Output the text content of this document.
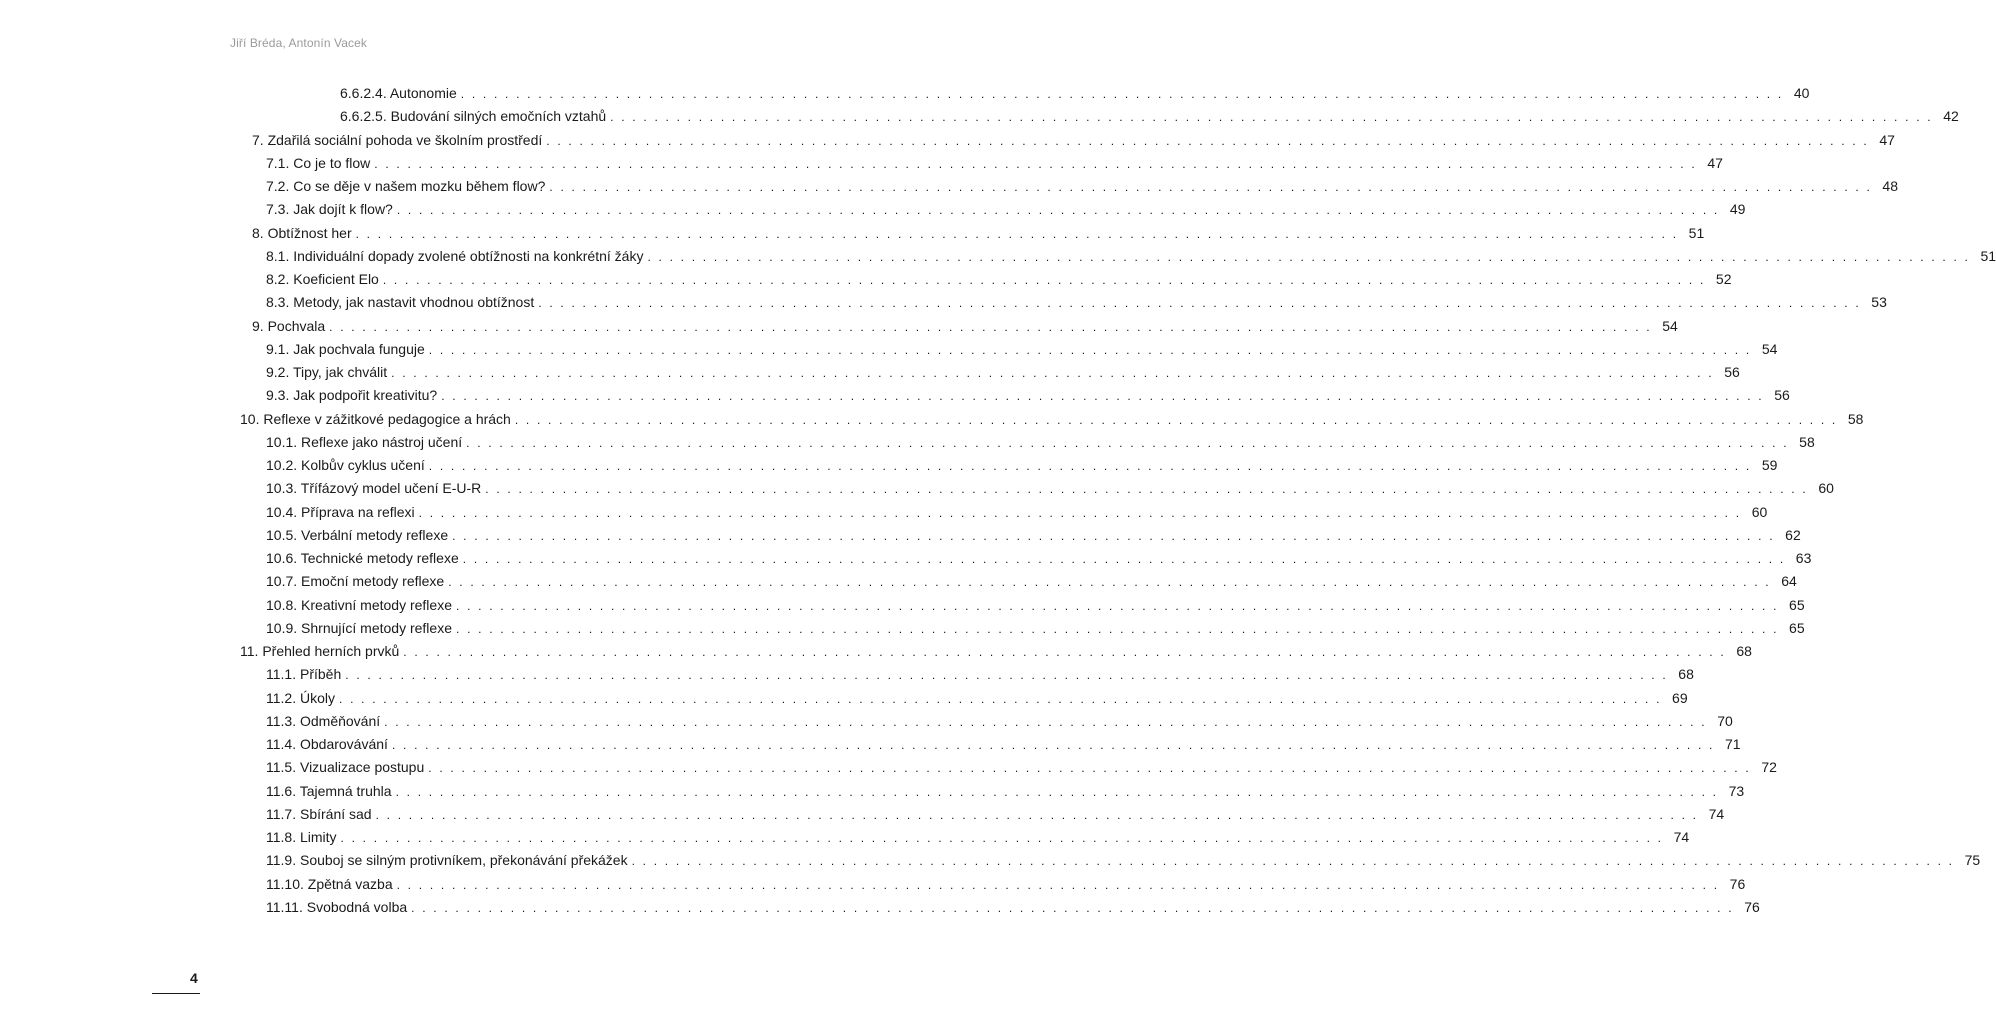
Jiří Bréda, Antonín Vacek
6.6.2.4. Autonomie . . . . . . . . . . . . . . . . . . . . . . . . . . . . . . . . . . . . . . . . . . . . . . . . . . . . . . . . . . . . . . . . . . . . . . . . . . . . . . . . . . . . . . . . . . . . . . . . . . . . . . . . . . . . . . . . . . . . . . . . 40
6.6.2.5. Budování silných emočních vztahů . . . . . . . . . . . . . . . . . . . . . . . . . . . . . . . . . . . . . . . . . . . . . . . . . . . . . . . . . . . . . . . . . . . . . . . . . . . . . . . . . . . . . . . . . . . . . . . . . . . . . . . . . . . . . . . . . . . . . . . . 42
7. Zdařilá sociální pohoda ve školním prostředí . . . . . . . . . . . . . . . . . . . . . . . . . . . . . . . . . . . . . . . . . . . . . . . . . . . . . . . . . . . . . . . . . . . . . . . . . . . . . . . . . . . . . . . . . . . . . . . . . . . . . . . . . . . . . . . . . . . . . . . . 47
7.1. Co je to flow . . . . . . . . . . . . . . . . . . . . . . . . . . . . . . . . . . . . . . . . . . . . . . . . . . . . . . . . . . . . . . . . . . . . . . . . . . . . . . . . . . . . . . . . . . . . . . . . . . . . . . . . . . . . . . . . . . . . . . . . 47
7.2. Co se děje v našem mozku během flow? . . . . . . . . . . . . . . . . . . . . . . . . . . . . . . . . . . . . . . . . . . . . . . . . . . . . . . . . . . . . . . . . . . . . . . . . . . . . . . . . . . . . . . . . . . . . . . . . . . . . . . . . . . . . . . . . . . . . . . . . 48
7.3. Jak dojít k flow? . . . . . . . . . . . . . . . . . . . . . . . . . . . . . . . . . . . . . . . . . . . . . . . . . . . . . . . . . . . . . . . . . . . . . . . . . . . . . . . . . . . . . . . . . . . . . . . . . . . . . . . . . . . . . . . . . . . . . . . . 49
8. Obtížnost her . . . . . . . . . . . . . . . . . . . . . . . . . . . . . . . . . . . . . . . . . . . . . . . . . . . . . . . . . . . . . . . . . . . . . . . . . . . . . . . . . . . . . . . . . . . . . . . . . . . . . . . . . . . . . . . . . . . . . . . . 51
8.1. Individuální dopady zvolené obtížnosti na konkrétní žáky . . . . . . . . . . . . . . . . . . . . . . . . . . . . . . . . . . . . . . . . . . . . . . . . . . . . . . . . . . . . . . . . . . . . . . . . . . . . . . . . . . . . . . . . . . . . . . . . . . . . . . . . . . . . . . . . . . . . . . . . 51
8.2. Koeficient Elo . . . . . . . . . . . . . . . . . . . . . . . . . . . . . . . . . . . . . . . . . . . . . . . . . . . . . . . . . . . . . . . . . . . . . . . . . . . . . . . . . . . . . . . . . . . . . . . . . . . . . . . . . . . . . . . . . . . . . . . . 52
8.3. Metody, jak nastavit vhodnou obtížnost . . . . . . . . . . . . . . . . . . . . . . . . . . . . . . . . . . . . . . . . . . . . . . . . . . . . . . . . . . . . . . . . . . . . . . . . . . . . . . . . . . . . . . . . . . . . . . . . . . . . . . . . . . . . . . . . . . . . . . . . 53
9. Pochvala . . . . . . . . . . . . . . . . . . . . . . . . . . . . . . . . . . . . . . . . . . . . . . . . . . . . . . . . . . . . . . . . . . . . . . . . . . . . . . . . . . . . . . . . . . . . . . . . . . . . . . . . . . . . . . . . . . . . . . . . 54
9.1. Jak pochvala funguje . . . . . . . . . . . . . . . . . . . . . . . . . . . . . . . . . . . . . . . . . . . . . . . . . . . . . . . . . . . . . . . . . . . . . . . . . . . . . . . . . . . . . . . . . . . . . . . . . . . . . . . . . . . . . . . . . . . . . . . . 54
9.2. Tipy, jak chválit . . . . . . . . . . . . . . . . . . . . . . . . . . . . . . . . . . . . . . . . . . . . . . . . . . . . . . . . . . . . . . . . . . . . . . . . . . . . . . . . . . . . . . . . . . . . . . . . . . . . . . . . . . . . . . . . . . . . . . . . 56
9.3. Jak podpořit kreativitu? . . . . . . . . . . . . . . . . . . . . . . . . . . . . . . . . . . . . . . . . . . . . . . . . . . . . . . . . . . . . . . . . . . . . . . . . . . . . . . . . . . . . . . . . . . . . . . . . . . . . . . . . . . . . . . . . . . . . . . . . 56
10. Reflexe v zážitkové pedagogice a hrách . . . . . . . . . . . . . . . . . . . . . . . . . . . . . . . . . . . . . . . . . . . . . . . . . . . . . . . . . . . . . . . . . . . . . . . . . . . . . . . . . . . . . . . . . . . . . . . . . . . . . . . . . . . . . . . . . . . . . . . . 58
10.1. Reflexe jako nástroj učení . . . . . . . . . . . . . . . . . . . . . . . . . . . . . . . . . . . . . . . . . . . . . . . . . . . . . . . . . . . . . . . . . . . . . . . . . . . . . . . . . . . . . . . . . . . . . . . . . . . . . . . . . . . . . . . . . . . . . . . . 58
10.2. Kolbův cyklus učení . . . . . . . . . . . . . . . . . . . . . . . . . . . . . . . . . . . . . . . . . . . . . . . . . . . . . . . . . . . . . . . . . . . . . . . . . . . . . . . . . . . . . . . . . . . . . . . . . . . . . . . . . . . . . . . . . . . . . . . . 59
10.3. Třífázový model učení E-U-R . . . . . . . . . . . . . . . . . . . . . . . . . . . . . . . . . . . . . . . . . . . . . . . . . . . . . . . . . . . . . . . . . . . . . . . . . . . . . . . . . . . . . . . . . . . . . . . . . . . . . . . . . . . . . . . . . . . . . . . . 60
10.4. Příprava na reflexi . . . . . . . . . . . . . . . . . . . . . . . . . . . . . . . . . . . . . . . . . . . . . . . . . . . . . . . . . . . . . . . . . . . . . . . . . . . . . . . . . . . . . . . . . . . . . . . . . . . . . . . . . . . . . . . . . . . . . . . . 60
10.5. Verbální metody reflexe . . . . . . . . . . . . . . . . . . . . . . . . . . . . . . . . . . . . . . . . . . . . . . . . . . . . . . . . . . . . . . . . . . . . . . . . . . . . . . . . . . . . . . . . . . . . . . . . . . . . . . . . . . . . . . . . . . . . . . . . 62
10.6. Technické metody reflexe . . . . . . . . . . . . . . . . . . . . . . . . . . . . . . . . . . . . . . . . . . . . . . . . . . . . . . . . . . . . . . . . . . . . . . . . . . . . . . . . . . . . . . . . . . . . . . . . . . . . . . . . . . . . . . . . . . . . . . . . 63
10.7. Emoční metody reflexe . . . . . . . . . . . . . . . . . . . . . . . . . . . . . . . . . . . . . . . . . . . . . . . . . . . . . . . . . . . . . . . . . . . . . . . . . . . . . . . . . . . . . . . . . . . . . . . . . . . . . . . . . . . . . . . . . . . . . . . . 64
10.8. Kreativní metody reflexe . . . . . . . . . . . . . . . . . . . . . . . . . . . . . . . . . . . . . . . . . . . . . . . . . . . . . . . . . . . . . . . . . . . . . . . . . . . . . . . . . . . . . . . . . . . . . . . . . . . . . . . . . . . . . . . . . . . . . . . . 65
10.9. Shrnující metody reflexe . . . . . . . . . . . . . . . . . . . . . . . . . . . . . . . . . . . . . . . . . . . . . . . . . . . . . . . . . . . . . . . . . . . . . . . . . . . . . . . . . . . . . . . . . . . . . . . . . . . . . . . . . . . . . . . . . . . . . . . . 65
11. Přehled herních prvků . . . . . . . . . . . . . . . . . . . . . . . . . . . . . . . . . . . . . . . . . . . . . . . . . . . . . . . . . . . . . . . . . . . . . . . . . . . . . . . . . . . . . . . . . . . . . . . . . . . . . . . . . . . . . . . . . . . . . . . . 68
11.1. Příběh . . . . . . . . . . . . . . . . . . . . . . . . . . . . . . . . . . . . . . . . . . . . . . . . . . . . . . . . . . . . . . . . . . . . . . . . . . . . . . . . . . . . . . . . . . . . . . . . . . . . . . . . . . . . . . . . . . . . . . . . 68
11.2. Úkoly . . . . . . . . . . . . . . . . . . . . . . . . . . . . . . . . . . . . . . . . . . . . . . . . . . . . . . . . . . . . . . . . . . . . . . . . . . . . . . . . . . . . . . . . . . . . . . . . . . . . . . . . . . . . . . . . . . . . . . . . 69
11.3. Odměňování . . . . . . . . . . . . . . . . . . . . . . . . . . . . . . . . . . . . . . . . . . . . . . . . . . . . . . . . . . . . . . . . . . . . . . . . . . . . . . . . . . . . . . . . . . . . . . . . . . . . . . . . . . . . . . . . . . . . . . . . 70
11.4. Obdarovávání . . . . . . . . . . . . . . . . . . . . . . . . . . . . . . . . . . . . . . . . . . . . . . . . . . . . . . . . . . . . . . . . . . . . . . . . . . . . . . . . . . . . . . . . . . . . . . . . . . . . . . . . . . . . . . . . . . . . . . . . 71
11.5. Vizualizace postupu . . . . . . . . . . . . . . . . . . . . . . . . . . . . . . . . . . . . . . . . . . . . . . . . . . . . . . . . . . . . . . . . . . . . . . . . . . . . . . . . . . . . . . . . . . . . . . . . . . . . . . . . . . . . . . . . . . . . . . . . 72
11.6. Tajemná truhla . . . . . . . . . . . . . . . . . . . . . . . . . . . . . . . . . . . . . . . . . . . . . . . . . . . . . . . . . . . . . . . . . . . . . . . . . . . . . . . . . . . . . . . . . . . . . . . . . . . . . . . . . . . . . . . . . . . . . . . . 73
11.7. Sbírání sad . . . . . . . . . . . . . . . . . . . . . . . . . . . . . . . . . . . . . . . . . . . . . . . . . . . . . . . . . . . . . . . . . . . . . . . . . . . . . . . . . . . . . . . . . . . . . . . . . . . . . . . . . . . . . . . . . . . . . . . . 74
11.8. Limity . . . . . . . . . . . . . . . . . . . . . . . . . . . . . . . . . . . . . . . . . . . . . . . . . . . . . . . . . . . . . . . . . . . . . . . . . . . . . . . . . . . . . . . . . . . . . . . . . . . . . . . . . . . . . . . . . . . . . . . . 74
11.9. Souboj se silným protivníkem, překonávání překážek . . . . . . . . . . . . . . . . . . . . . . . . . . . . . . . . . . . . . . . . . . . . . . . . . . . . . . . . . . . . . . . . . . . . . . . . . . . . . . . . . . . . . . . . . . . . . . . . . . . . . . . . . . . . . . . . . . . . . . . . 75
11.10. Zpětná vazba . . . . . . . . . . . . . . . . . . . . . . . . . . . . . . . . . . . . . . . . . . . . . . . . . . . . . . . . . . . . . . . . . . . . . . . . . . . . . . . . . . . . . . . . . . . . . . . . . . . . . . . . . . . . . . . . . . . . . . . . 76
11.11. Svobodná volba . . . . . . . . . . . . . . . . . . . . . . . . . . . . . . . . . . . . . . . . . . . . . . . . . . . . . . . . . . . . . . . . . . . . . . . . . . . . . . . . . . . . . . . . . . . . . . . . . . . . . . . . . . . . . . . . . . . . . . . . 76
4
